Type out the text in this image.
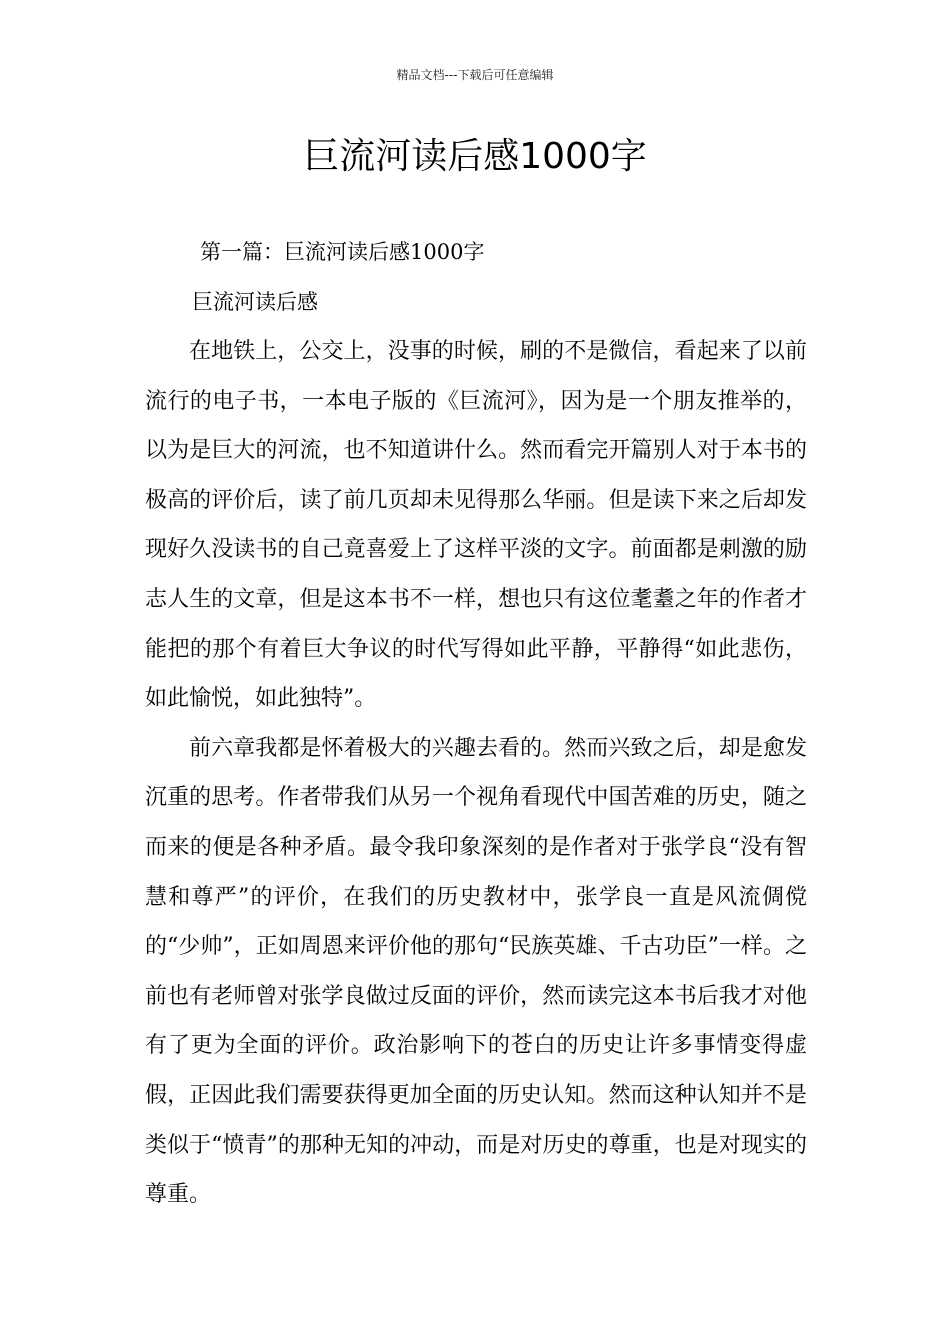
精品文档---下载后可任意编辑
巨流河读后感1000字
第一篇：巨流河读后感1000字
巨流河读后感

在地铁上，公交上，没事的时候，刷的不是微信，看起来了以前流行的电子书，一本电子版的《巨流河》，因为是一个朋友推举的，以为是巨大的河流，也不知道讲什么。然而看完开篇别人对于本书的极高的评价后，读了前几页却未见得那么华丽。但是读下来之后却发现好久没读书的自己竟喜爱上了这样平淡的文字。前面都是刺激的励志人生的文章，但是这本书不一样，想也只有这位耄耋之年的作者才能把的那个有着巨大争议的时代写得如此平静，平静得“如此悲伤，如此愉悦，如此独特”。

前六章我都是怀着极大的兴趣去看的。然而兴致之后，却是愈发沉重的思考。作者带我们从另一个视角看现代中国苦难的历史，随之而来的便是各种矛盾。最令我印象深刻的是作者对于张学良“没有智慧和尊严”的评价，在我们的历史教材中，张学良一直是风流倜傥的“少帅”，正如周恩来评价他的那句“民族英雄、千古功臣”一样。之前也有老师曾对张学良做过反面的评价，然而读完这本书后我才对他有了更为全面的评价。政治影响下的苍白的历史让许多事情变得虚假，正因此我们需要获得更加全面的历史认知。然而这种认知并不是类似于“愤青”的那种无知的冲动，而是对历史的尊重，也是对现实的尊重。
